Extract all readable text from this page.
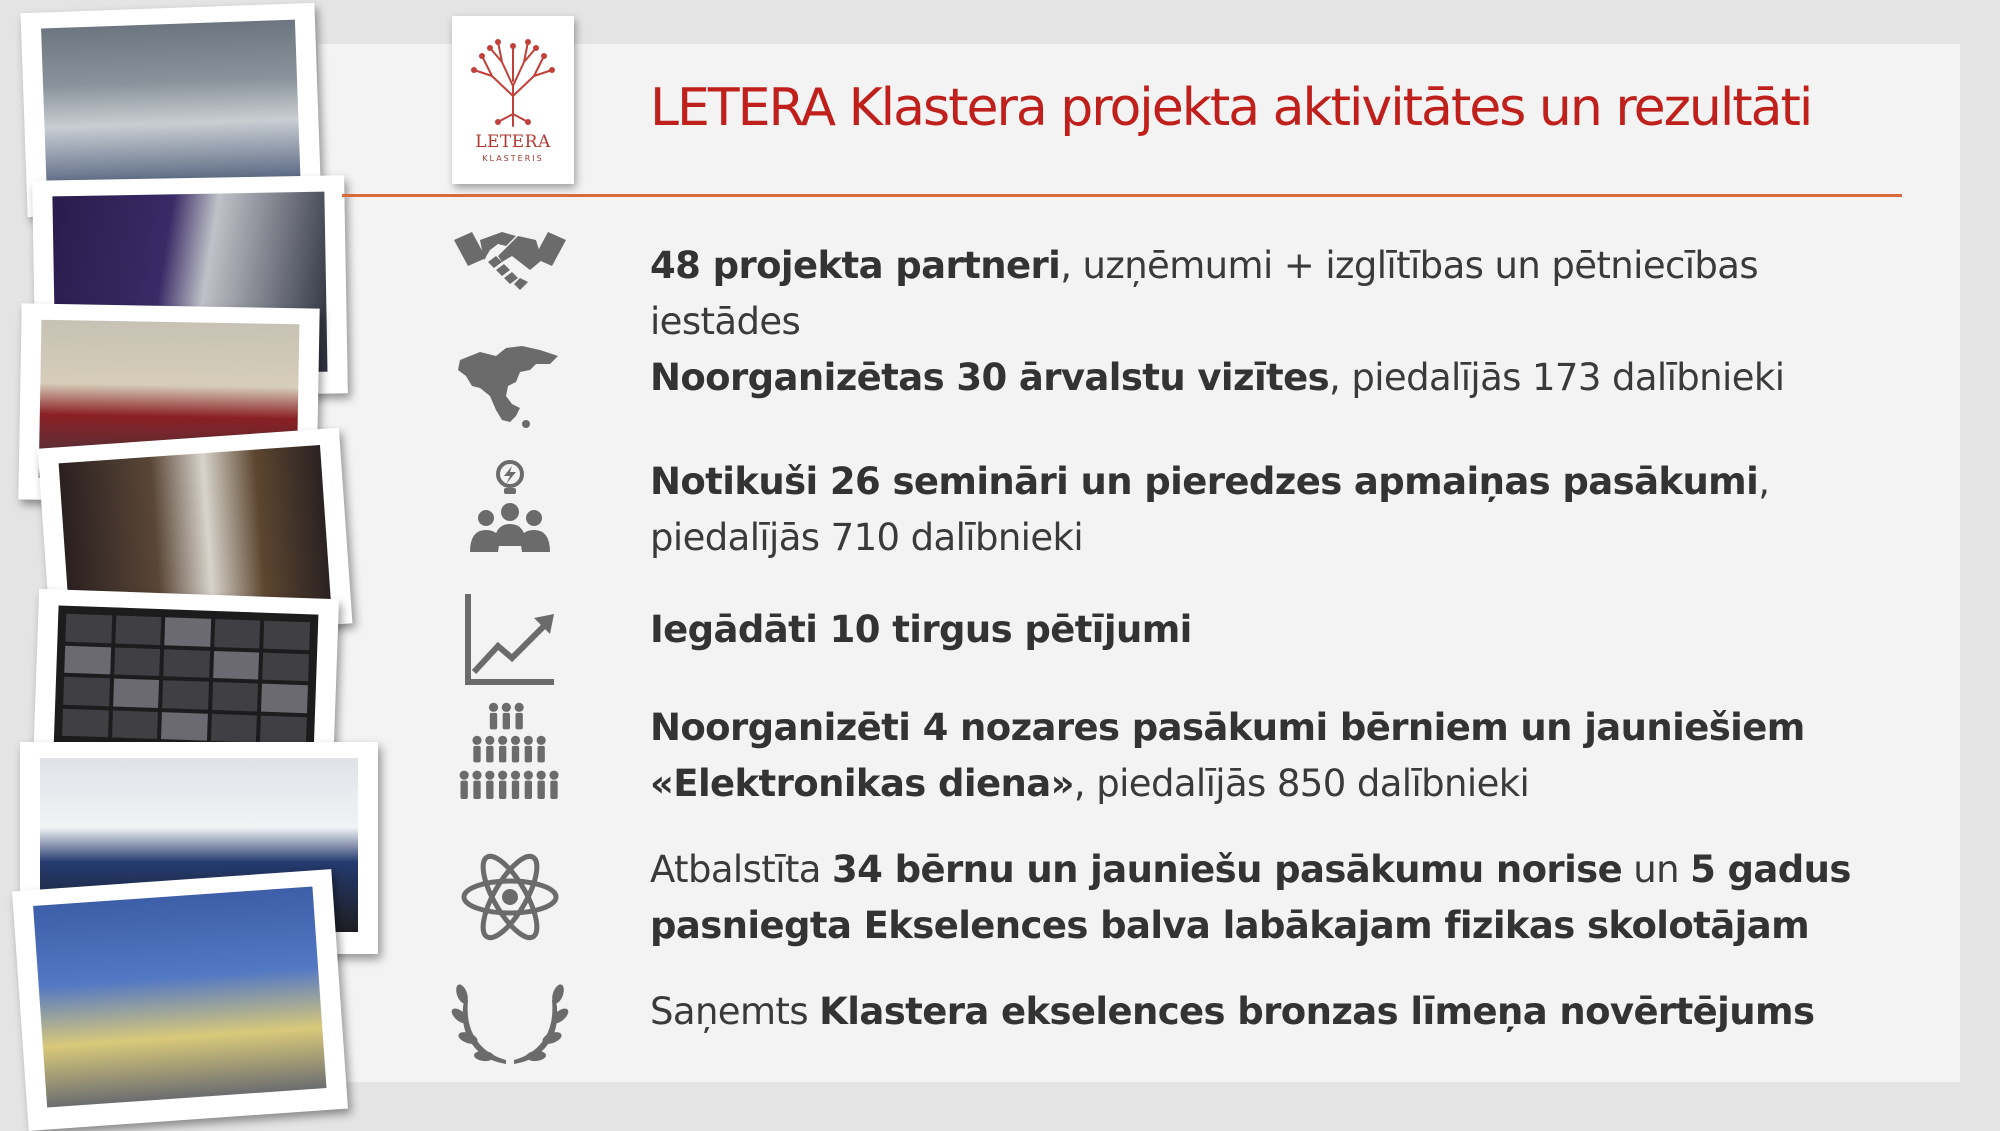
LETERA
KLASTERIS
LETERA Klastera projekta aktivitātes un rezultāti
48 projekta partneri, uzņēmumi + izglītības un pētniecības iestādes
Noorganizētas 30 ārvalstu vizītes, piedalījās 173 dalībnieki
Notikuši 26 semināri un pieredzes apmaiņas pasākumi, piedalījās 710 dalībnieki
Iegādāti 10 tirgus pētījumi
Noorganizēti 4 nozares pasākumi bērniem un jauniešiem «Elektronikas diena», piedalījās 850 dalībnieki
Atbalstīta 34 bērnu un jauniešu pasākumu norise un 5 gadus pasniegta Ekselences balva labākajam fizikas skolotājam
Saņemts Klastera ekselences bronzas līmeņa novērtējums
